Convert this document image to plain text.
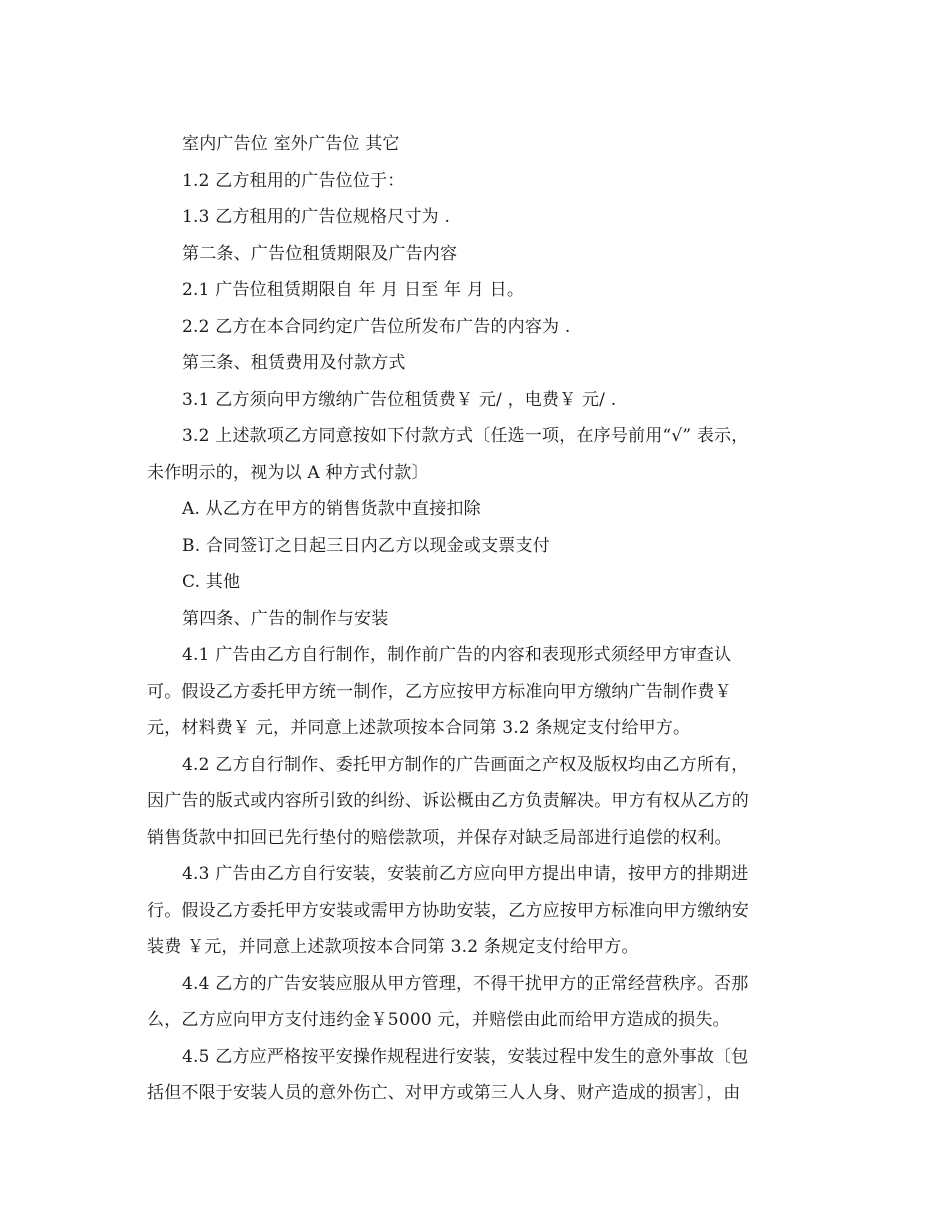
室内广告位 室外广告位 其它
1.2 乙方租用的广告位位于：
1.3 乙方租用的广告位规格尺寸为 .
第二条、广告位租赁期限及广告内容
2.1 广告位租赁期限自 年 月 日至 年 月 日。
2.2 乙方在本合同约定广告位所发布广告的内容为 .
第三条、租赁费用及付款方式
3.1 乙方须向甲方缴纳广告位租赁费￥ 元/ ，电费￥ 元/ .
3.2 上述款项乙方同意按如下付款方式〔任选一项，在序号前用“√” 表示，
未作明示的，视为以 A 种方式付款〕
A. 从乙方在甲方的销售货款中直接扣除
B. 合同签订之日起三日内乙方以现金或支票支付
C. 其他
第四条、广告的制作与安装
4.1 广告由乙方自行制作，制作前广告的内容和表现形式须经甲方审查认
可。假设乙方委托甲方统一制作，乙方应按甲方标准向甲方缴纳广告制作费￥
元，材料费￥ 元，并同意上述款项按本合同第 3.2 条规定支付给甲方。
4.2 乙方自行制作、委托甲方制作的广告画面之产权及版权均由乙方所有，
因广告的版式或内容所引致的纠纷、诉讼概由乙方负责解决。甲方有权从乙方的
销售货款中扣回已先行垫付的赔偿款项，并保存对缺乏局部进行追偿的权利。
4.3 广告由乙方自行安装，安装前乙方应向甲方提出申请，按甲方的排期进
行。假设乙方委托甲方安装或需甲方协助安装，乙方应按甲方标准向甲方缴纳安
装费 ￥元，并同意上述款项按本合同第 3.2 条规定支付给甲方。
4.4 乙方的广告安装应服从甲方管理，不得干扰甲方的正常经营秩序。否那
么，乙方应向甲方支付违约金￥5000 元，并赔偿由此而给甲方造成的损失。
4.5 乙方应严格按平安操作规程进行安装，安装过程中发生的意外事故〔包
括但不限于安装人员的意外伤亡、对甲方或第三人人身、财产造成的损害〕，由
